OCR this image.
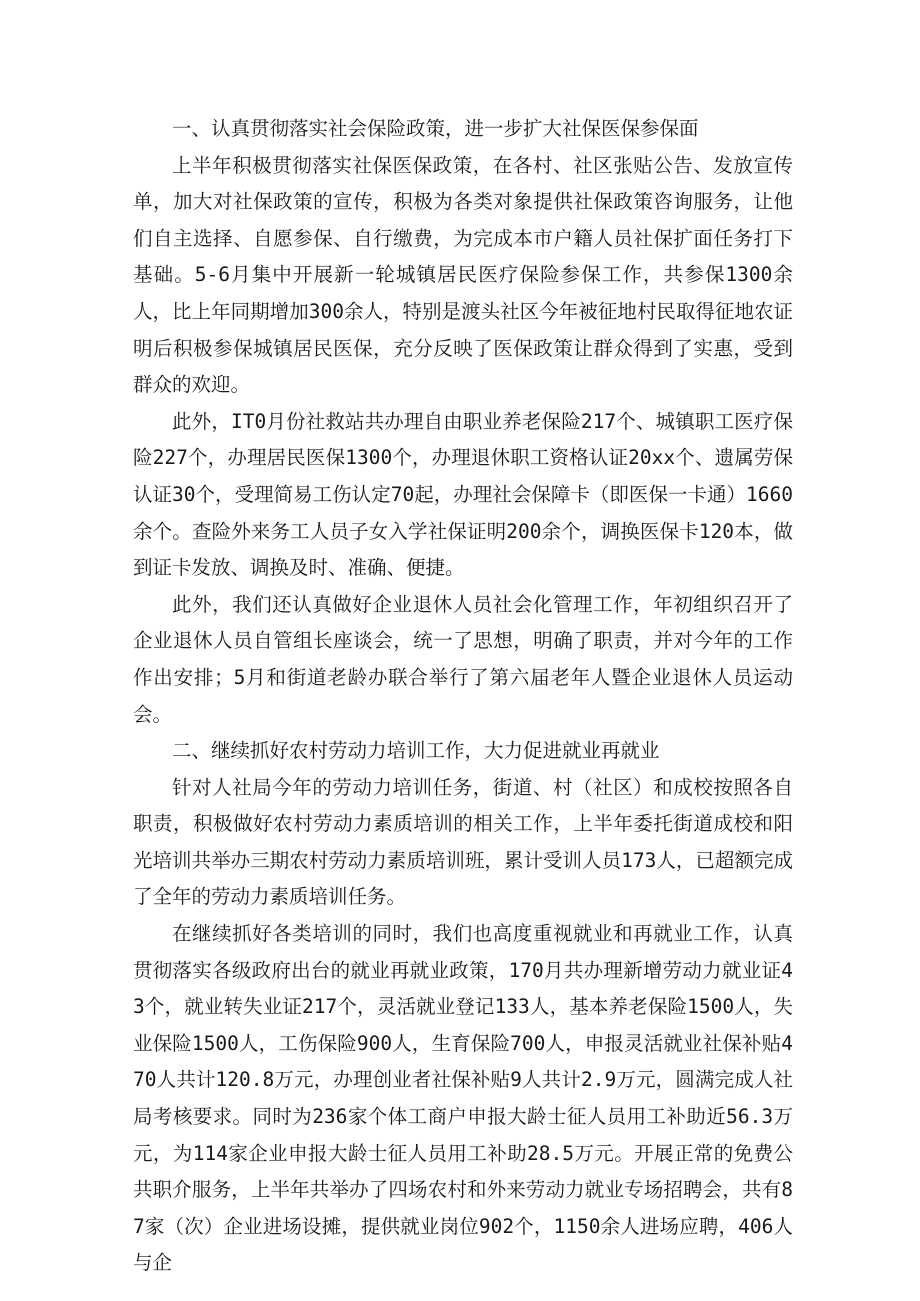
一、认真贯彻落实社会保险政策，进一步扩大社保医保参保面

上半年积极贯彻落实社保医保政策，在各村、社区张贴公告、发放宣传单，加大对社保政策的宣传，积极为各类对象提供社保政策咨询服务，让他们自主选择、自愿参保、自行缴费，为完成本市户籍人员社保扩面任务打下基础。5-6月集中开展新一轮城镇居民医疗保险参保工作，共参保1300余人，比上年同期增加300余人，特别是渡头社区今年被征地村民取得征地农证明后积极参保城镇居民医保，充分反映了医保政策让群众得到了实惠，受到群众的欢迎。

此外，IT0月份社救站共办理自由职业养老保险217个、城镇职工医疗保险227个，办理居民医保1300个，办理退休职工资格认证20xx个、遗属劳保认证30个，受理简易工伤认定70起，办理社会保障卡（即医保一卡通）1660余个。查险外来务工人员子女入学社保证明200余个，调换医保卡120本，做到证卡发放、调换及时、准确、便捷。

此外，我们还认真做好企业退休人员社会化管理工作，年初组织召开了企业退休人员自管组长座谈会，统一了思想，明确了职责，并对今年的工作作出安排；5月和街道老龄办联合举行了第六届老年人暨企业退休人员运动会。

二、继续抓好农村劳动力培训工作，大力促进就业再就业

针对人社局今年的劳动力培训任务，街道、村（社区）和成校按照各自职责，积极做好农村劳动力素质培训的相关工作，上半年委托街道成校和阳光培训共举办三期农村劳动力素质培训班，累计受训人员173人，已超额完成了全年的劳动力素质培训任务。

在继续抓好各类培训的同时，我们也高度重视就业和再就业工作，认真贯彻落实各级政府出台的就业再就业政策，170月共办理新增劳动力就业证43个，就业转失业证217个，灵活就业登记133人，基本养老保险1500人，失业保险1500人，工伤保险900人，生育保险700人，申报灵活就业社保补贴470人共计120.8万元，办理创业者社保补贴9人共计2.9万元，圆满完成人社局考核要求。同时为236家个体工商户申报大龄士征人员用工补助近56.3万元，为114家企业申报大龄士征人员用工补助28.5万元。开展正常的免费公共职介服务，上半年共举办了四场农村和外来劳动力就业专场招聘会，共有87家（次）企业进场设摊，提供就业岗位902个，1150余人进场应聘，406人与企
